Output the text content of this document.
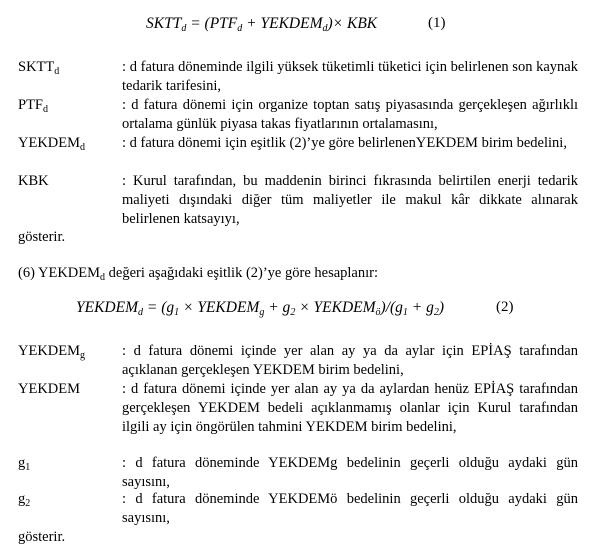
$SKTT_d = (PTF_d$ + $YEKDEM_d)\times$ KBK	(1)
$SKTT_d$	: d fatura döneminde ilgili yüksek tüketimli tüketici için belirlenen son kaynak tedarik tarifesini,
$PTF_d$	: d fatura dönemi için organize toptan satış piyasasında gerçekleşen ağırlıklı ortalama günlük piyasa takas fiyatlarının ortalamasını,
$YEKDEM_d$	: d fatura dönemi için eşitlik (2)’ye göre belirlenenYEKDEM birim bedelini,
KBK	: Kurul tarafından, bu maddenin birinci fıkrasında belirtilen enerji tedarik maliyeti dışındaki diğer tüm maliyetler ile makul kâr dikkate alınarak belirlenen katsayıyı,
gösterir.
(6) $YEKDEM_d$ değeri aşağıdaki eşitlik (2)’ye göre hesaplanır:
$YEKDEM_d = (g_1$ × $YEKDEM_g + g_2$ × $YEKDEM_ö)/(g_1 + g_2)$	(2)
$YEKDEM_g$	: d fatura dönemi içinde yer alan ay ya da aylar için EPİAŞ tarafından açıklanan gerçekleşen YEKDEM birim bedelini,
YEKDEM	: d fatura dönemi içinde yer alan ay ya da aylardan henüz EPİAŞ tarafından gerçekleşen YEKDEM bedeli açıklanmamış olanlar için Kurul tarafından ilgili ay için öngörülen tahmini YEKDEM birim bedelini,
$g_1$	: d fatura döneminde YEKDEMg bedelinin geçerli olduğu aydaki gün sayısını,
$g_2$	: d fatura döneminde YEKDEMö bedelinin geçerli olduğu aydaki gün sayısını,
gösterir.
